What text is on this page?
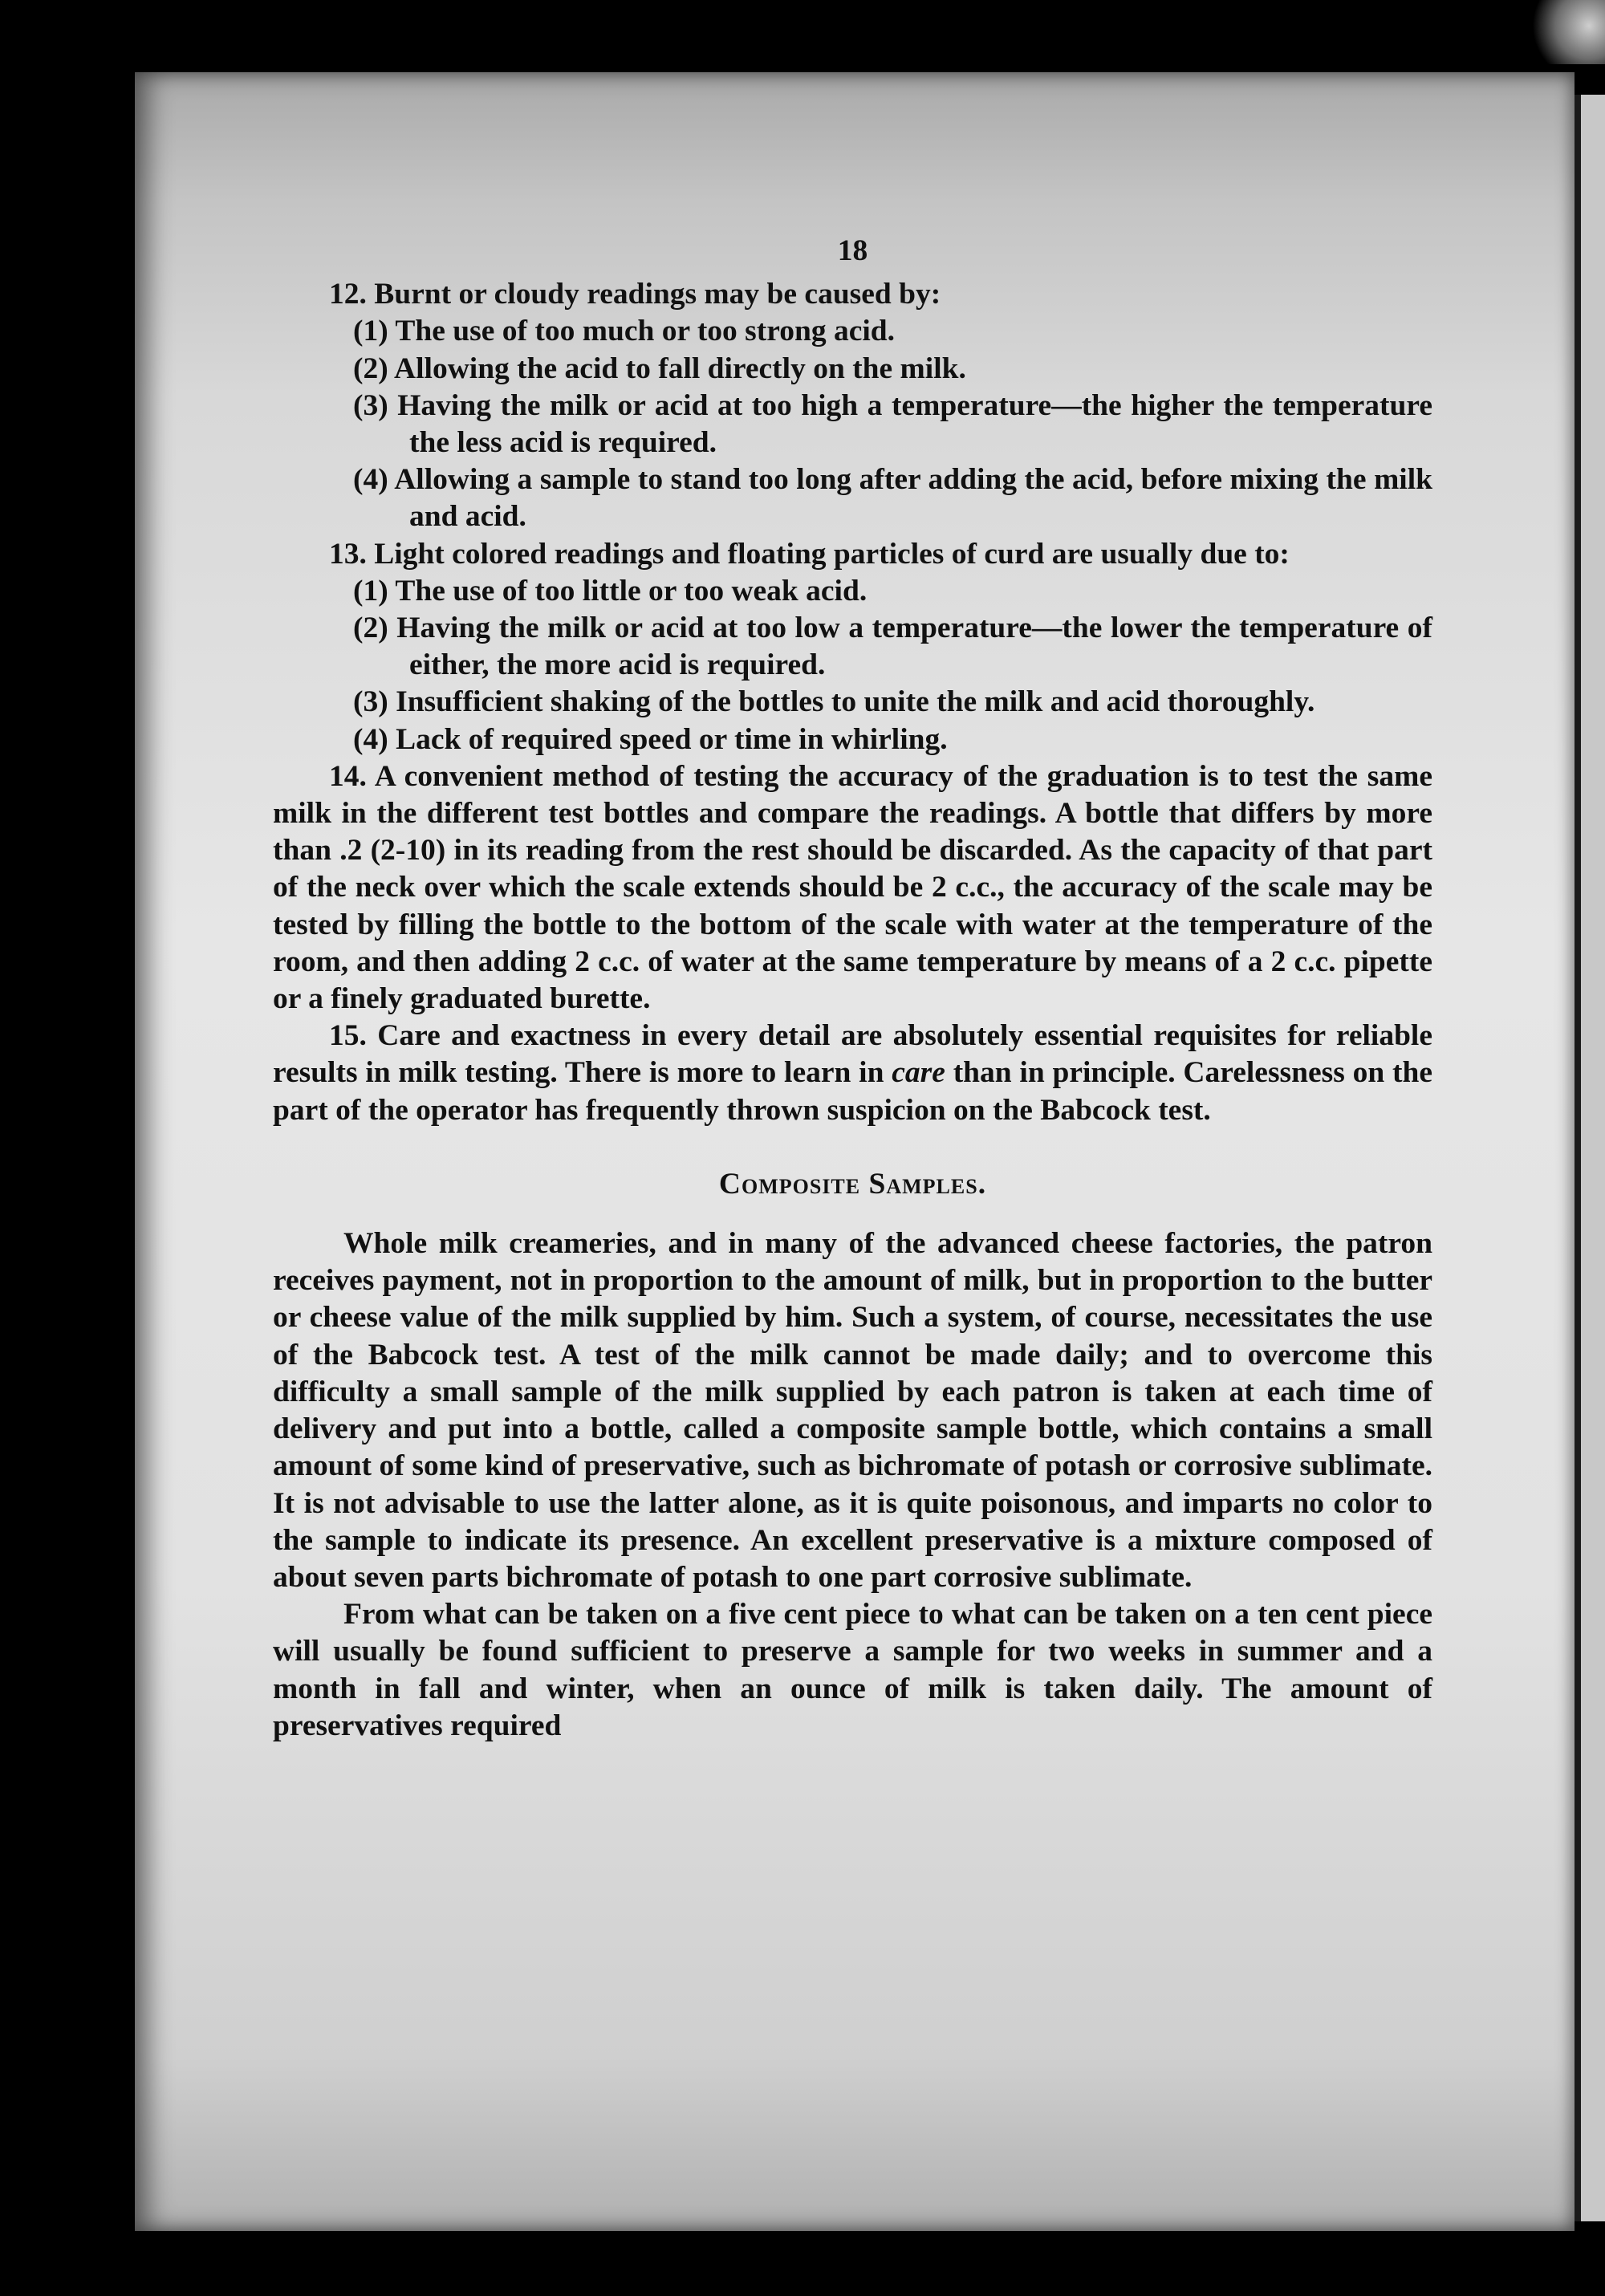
18

12. Burnt or cloudy readings may be caused by:

(1) The use of too much or too strong acid.

(2) Allowing the acid to fall directly on the milk.

(3) Having the milk or acid at too high a temperature—the higher the temperature the less acid is required.

(4) Allowing a sample to stand too long after adding the acid, before mixing the milk and acid.

13. Light colored readings and floating particles of curd are usually due to:

(1) The use of too little or too weak acid.

(2) Having the milk or acid at too low a temperature—the lower the temperature of either, the more acid is required.

(3) Insufficient shaking of the bottles to unite the milk and acid thoroughly.

(4) Lack of required speed or time in whirling.

14. A convenient method of testing the accuracy of the graduation is to test the same milk in the different test bottles and compare the readings. A bottle that differs by more than .2 (2-10) in its reading from the rest should be discarded. As the capacity of that part of the neck over which the scale extends should be 2 c.c., the accuracy of the scale may be tested by filling the bottle to the bottom of the scale with water at the temperature of the room, and then adding 2 c.c. of water at the same temperature by means of a 2 c.c. pipette or a finely graduated burette.

15. Care and exactness in every detail are absolutely essential requisites for reliable results in milk testing. There is more to learn in care than in principle. Carelessness on the part of the operator has frequently thrown suspicion on the Babcock test.

Composite Samples.

Whole milk creameries, and in many of the advanced cheese factories, the patron receives payment, not in proportion to the amount of milk, but in proportion to the butter or cheese value of the milk supplied by him. Such a system, of course, necessitates the use of the Babcock test. A test of the milk cannot be made daily; and to overcome this difficulty a small sample of the milk supplied by each patron is taken at each time of delivery and put into a bottle, called a composite sample bottle, which contains a small amount of some kind of preservative, such as bichromate of potash or corrosive sublimate. It is not advisable to use the latter alone, as it is quite poisonous, and imparts no color to the sample to indicate its presence. An excellent preservative is a mixture composed of about seven parts bichromate of potash to one part corrosive sublimate.

From what can be taken on a five cent piece to what can be taken on a ten cent piece will usually be found sufficient to preserve a sample for two weeks in summer and a month in fall and winter, when an ounce of milk is taken daily. The amount of preservatives required
